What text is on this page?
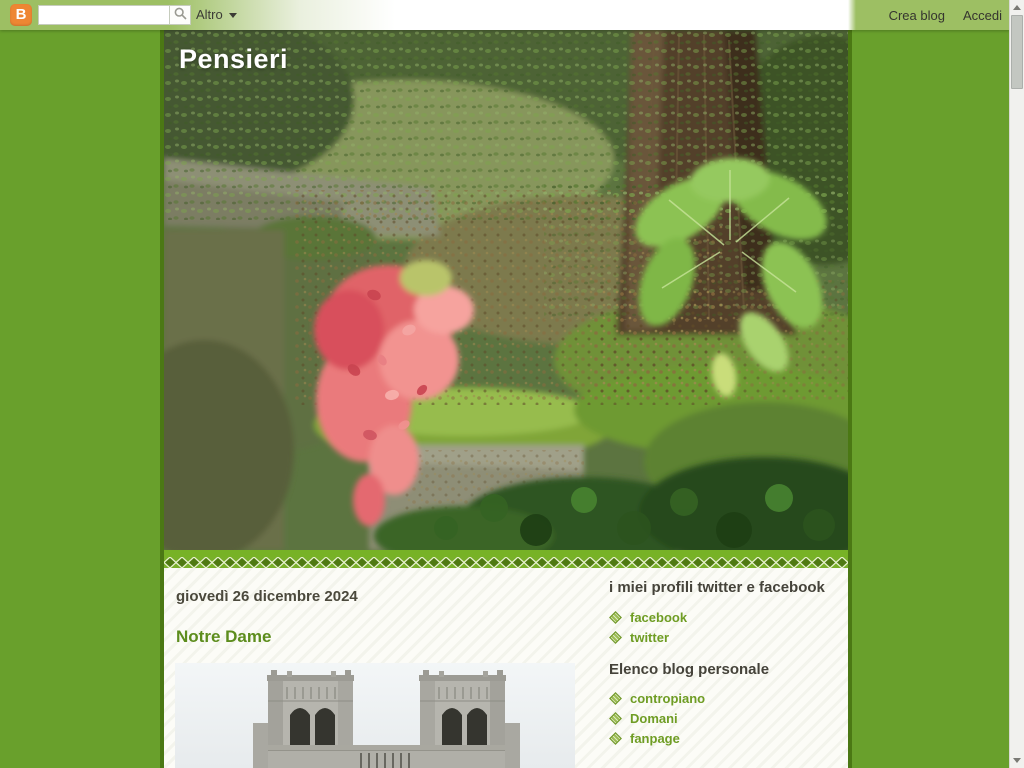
B	Altro	Crea blog Accedi
Pensieri
giovedì 26 dicembre 2024
Notre Dame
i miei profili twitter e facebook
facebook
twitter
Elenco blog personale
contropiano
Domani
fanpage
